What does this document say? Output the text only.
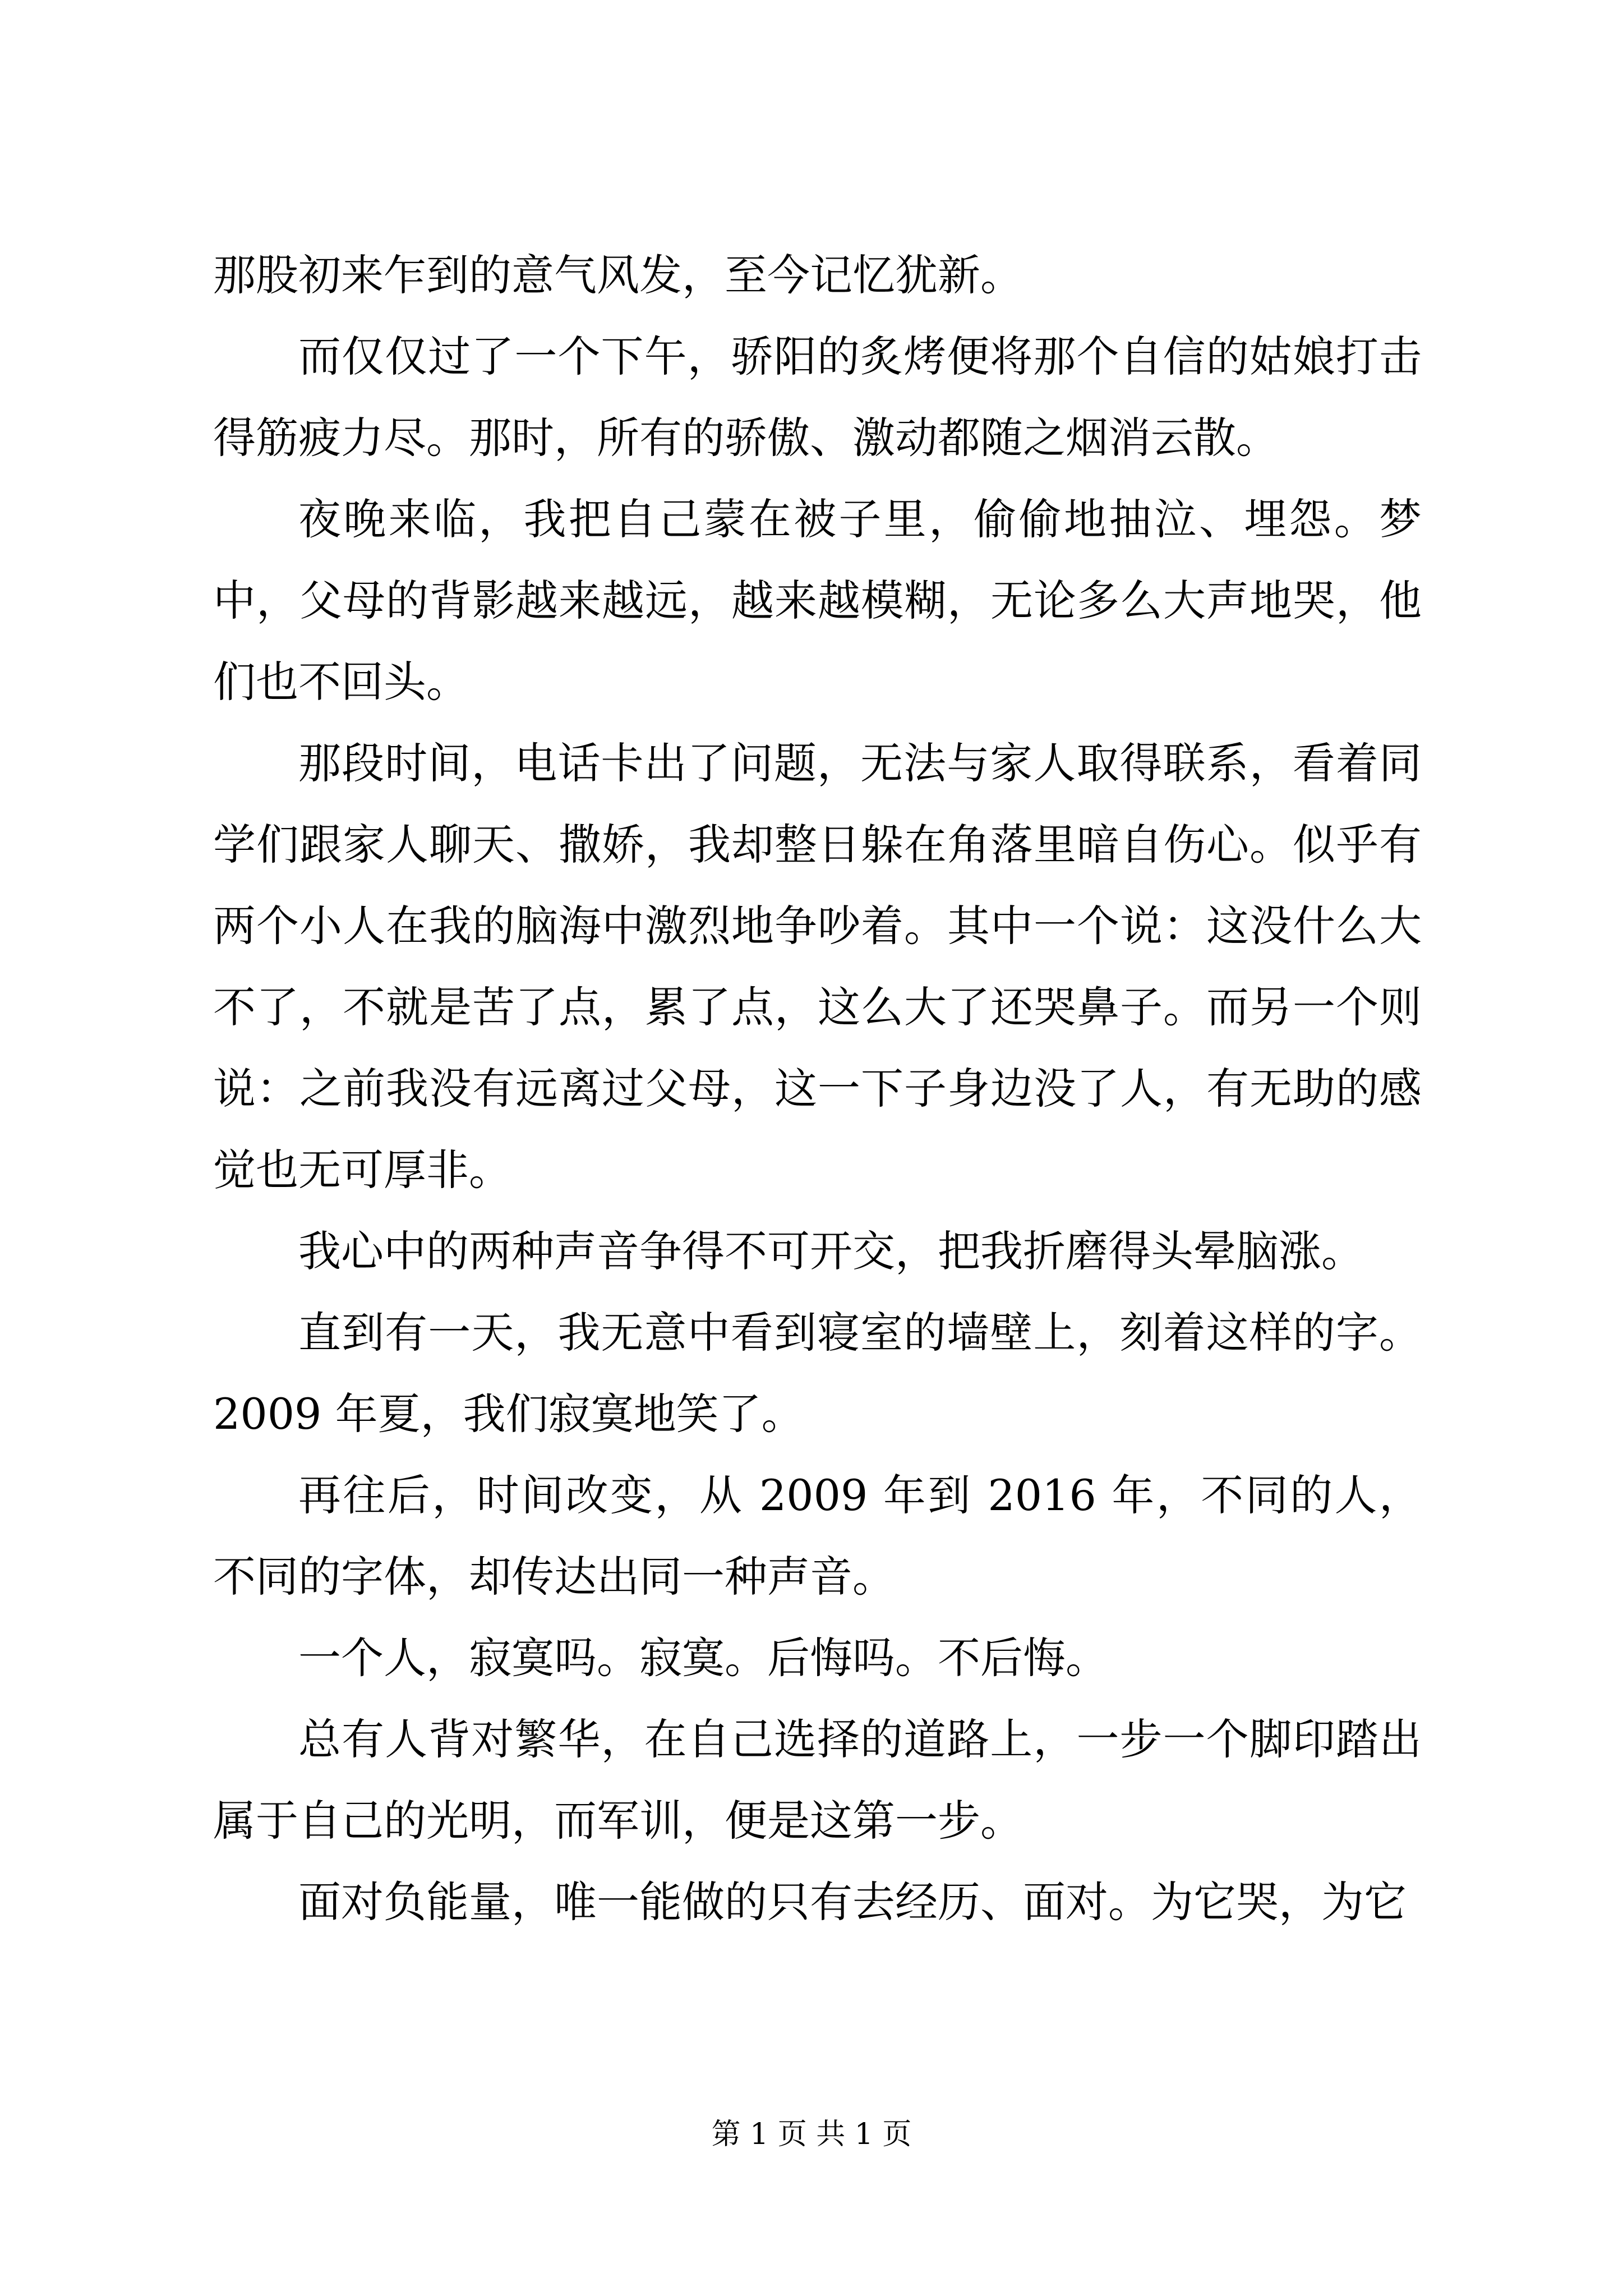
那股初来乍到的意气风发，至今记忆犹新。

而仅仅过了一个下午，骄阳的炙烤便将那个自信的姑娘打击得筋疲力尽。那时，所有的骄傲、激动都随之烟消云散。

夜晚来临，我把自己蒙在被子里，偷偷地抽泣、埋怨。梦中，父母的背影越来越远，越来越模糊，无论多么大声地哭，他们也不回头。

那段时间，电话卡出了问题，无法与家人取得联系，看着同学们跟家人聊天、撒娇，我却整日躲在角落里暗自伤心。似乎有两个小人在我的脑海中激烈地争吵着。其中一个说：这没什么大不了，不就是苦了点，累了点，这么大了还哭鼻子。而另一个则说：之前我没有远离过父母，这一下子身边没了人，有无助的感觉也无可厚非。

我心中的两种声音争得不可开交，把我折磨得头晕脑涨。

直到有一天，我无意中看到寝室的墙壁上，刻着这样的字。2009 年夏，我们寂寞地笑了。

再往后，时间改变，从 2009 年到 2016 年，不同的人，不同的字体，却传达出同一种声音。

一个人，寂寞吗。寂寞。后悔吗。不后悔。

总有人背对繁华，在自己选择的道路上，一步一个脚印踏出属于自己的光明，而军训，便是这第一步。

面对负能量，唯一能做的只有去经历、面对。为它哭，为它

第 1 页 共 1 页
